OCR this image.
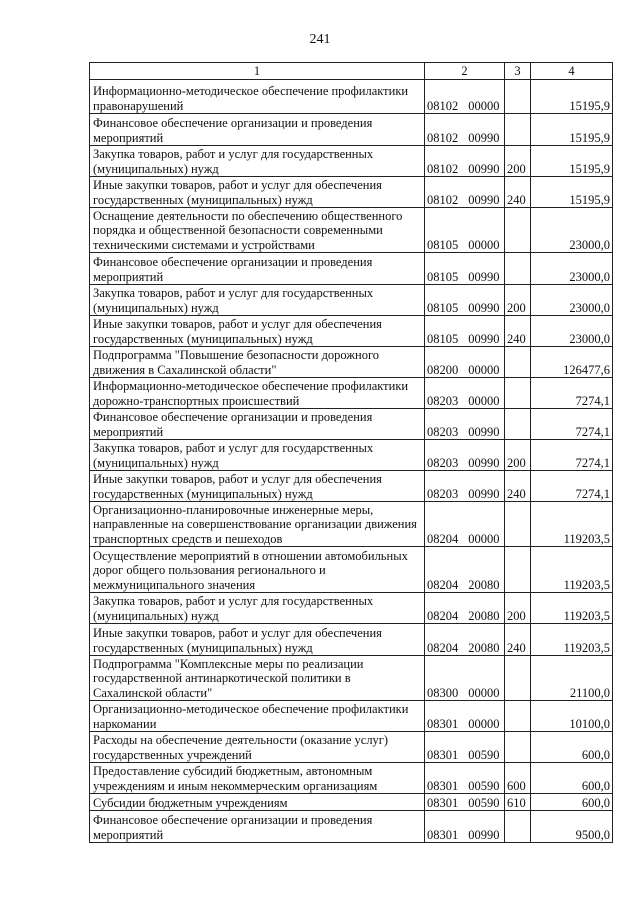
241
1	2	3	4
Информационно-методическое обеспечение профилактики правонарушений	08102 00000		15195,9
Финансовое обеспечение организации и проведения мероприятий	08102 00990		15195,9
Закупка товаров, работ и услуг для государственных (муниципальных) нужд	08102 00990	200	15195,9
Иные закупки товаров, работ и услуг для обеспечения государственных (муниципальных) нужд	08102 00990	240	15195,9
Оснащение деятельности по обеспечению общественного порядка и общественной безопасности современными техническими системами и устройствами	08105 00000		23000,0
Финансовое обеспечение организации и проведения мероприятий	08105 00990		23000,0
Закупка товаров, работ и услуг для государственных (муниципальных) нужд	08105 00990	200	23000,0
Иные закупки товаров, работ и услуг для обеспечения государственных (муниципальных) нужд	08105 00990	240	23000,0
Подпрограмма "Повышение безопасности дорожного движения в Сахалинской области"	08200 00000		126477,6
Информационно-методическое обеспечение профилактики дорожно-транспортных происшествий	08203 00000		7274,1
Финансовое обеспечение организации и проведения мероприятий	08203 00990		7274,1
Закупка товаров, работ и услуг для государственных (муниципальных) нужд	08203 00990	200	7274,1
Иные закупки товаров, работ и услуг для обеспечения государственных (муниципальных) нужд	08203 00990	240	7274,1
Организационно-планировочные инженерные меры, направленные на совершенствование организации движения транспортных средств и пешеходов	08204 00000		119203,5
Осуществление мероприятий в отношении автомобильных дорог общего пользования регионального и межмуниципального значения	08204 20080		119203,5
Закупка товаров, работ и услуг для государственных (муниципальных) нужд	08204 20080	200	119203,5
Иные закупки товаров, работ и услуг для обеспечения государственных (муниципальных) нужд	08204 20080	240	119203,5
Подпрограмма "Комплексные меры по реализации государственной антинаркотической политики в Сахалинской области"	08300 00000		21100,0
Организационно-методическое обеспечение профилактики наркомании	08301 00000		10100,0
Расходы на обеспечение деятельности (оказание услуг) государственных учреждений	08301 00590		600,0
Предоставление субсидий бюджетным, автономным учреждениям и иным некоммерческим организациям	08301 00590	600	600,0
Субсидии бюджетным учреждениям	08301 00590	610	600,0
Финансовое обеспечение организации и проведения мероприятий	08301 00990		9500,0
